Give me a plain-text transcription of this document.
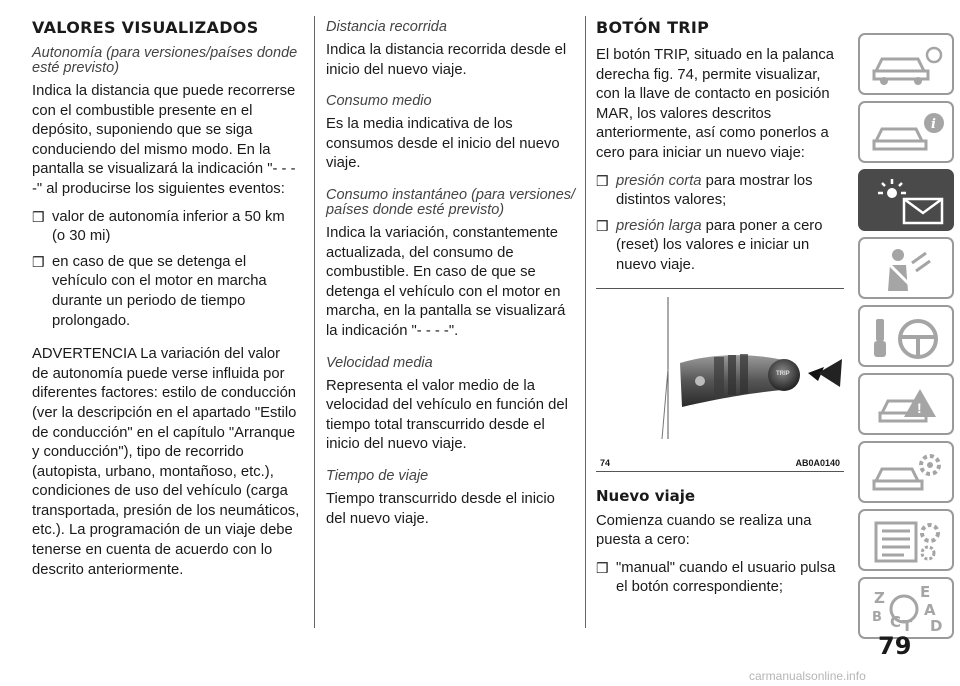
VALORES VISUALIZADOS
Autonomía (para versiones/países donde esté previsto)

Indica la distancia que puede recorrerse con el combustible presente en el depósito, suponiendo que se siga conduciendo del mismo modo. En la pantalla se visualizará la indicación "- - - -" al producirse los siguientes eventos:

❒ valor de autonomía inferior a 50 km (o 30 mi)
❒ en caso de que se detenga el vehículo con el motor en marcha durante un periodo de tiempo prolongado.

ADVERTENCIA La variación del valor de autonomía puede verse influida por diferentes factores: estilo de conducción (ver la descripción en el apartado "Estilo de conducción" en el capítulo "Arranque y conducción"), tipo de recorrido (autopista, urbano, montañoso, etc.), condiciones de uso del vehículo (carga transportada, presión de los neumáticos, etc.). La programación de un viaje debe tenerse en cuenta de acuerdo con lo descrito anteriormente.

Distancia recorrida

Indica la distancia recorrida desde el inicio del nuevo viaje.

Consumo medio

Es la media indicativa de los consumos desde el inicio del nuevo viaje.

Consumo instantáneo (para versiones/ países donde esté previsto)

Indica la variación, constantemente actualizada, del consumo de combustible. En caso de que se detenga el vehículo con el motor en marcha, en la pantalla se visualizará la indicación "- - - -".

Velocidad media

Representa el valor medio de la velocidad del vehículo en función del tiempo total transcurrido desde el inicio del nuevo viaje.

Tiempo de viaje

Tiempo transcurrido desde el inicio del nuevo viaje.

BOTÓN TRIP

El botón TRIP, situado en la palanca derecha fig. 74, permite visualizar, con la llave de contacto en posición MAR, los valores descritos anteriormente, así como ponerlos a cero para iniciar un nuevo viaje:

❒ presión corta para mostrar los distintos valores;
❒ presión larga para poner a cero (reset) los valores e iniciar un nuevo viaje.
TRIP
74	AB0A0140
Nuevo viaje

Comienza cuando se realiza una puesta a cero:

❒ "manual" cuando el usuario pulsa el botón correspondiente;
i
!
Z E
A
B C T D
79
carmanualsonline.info
